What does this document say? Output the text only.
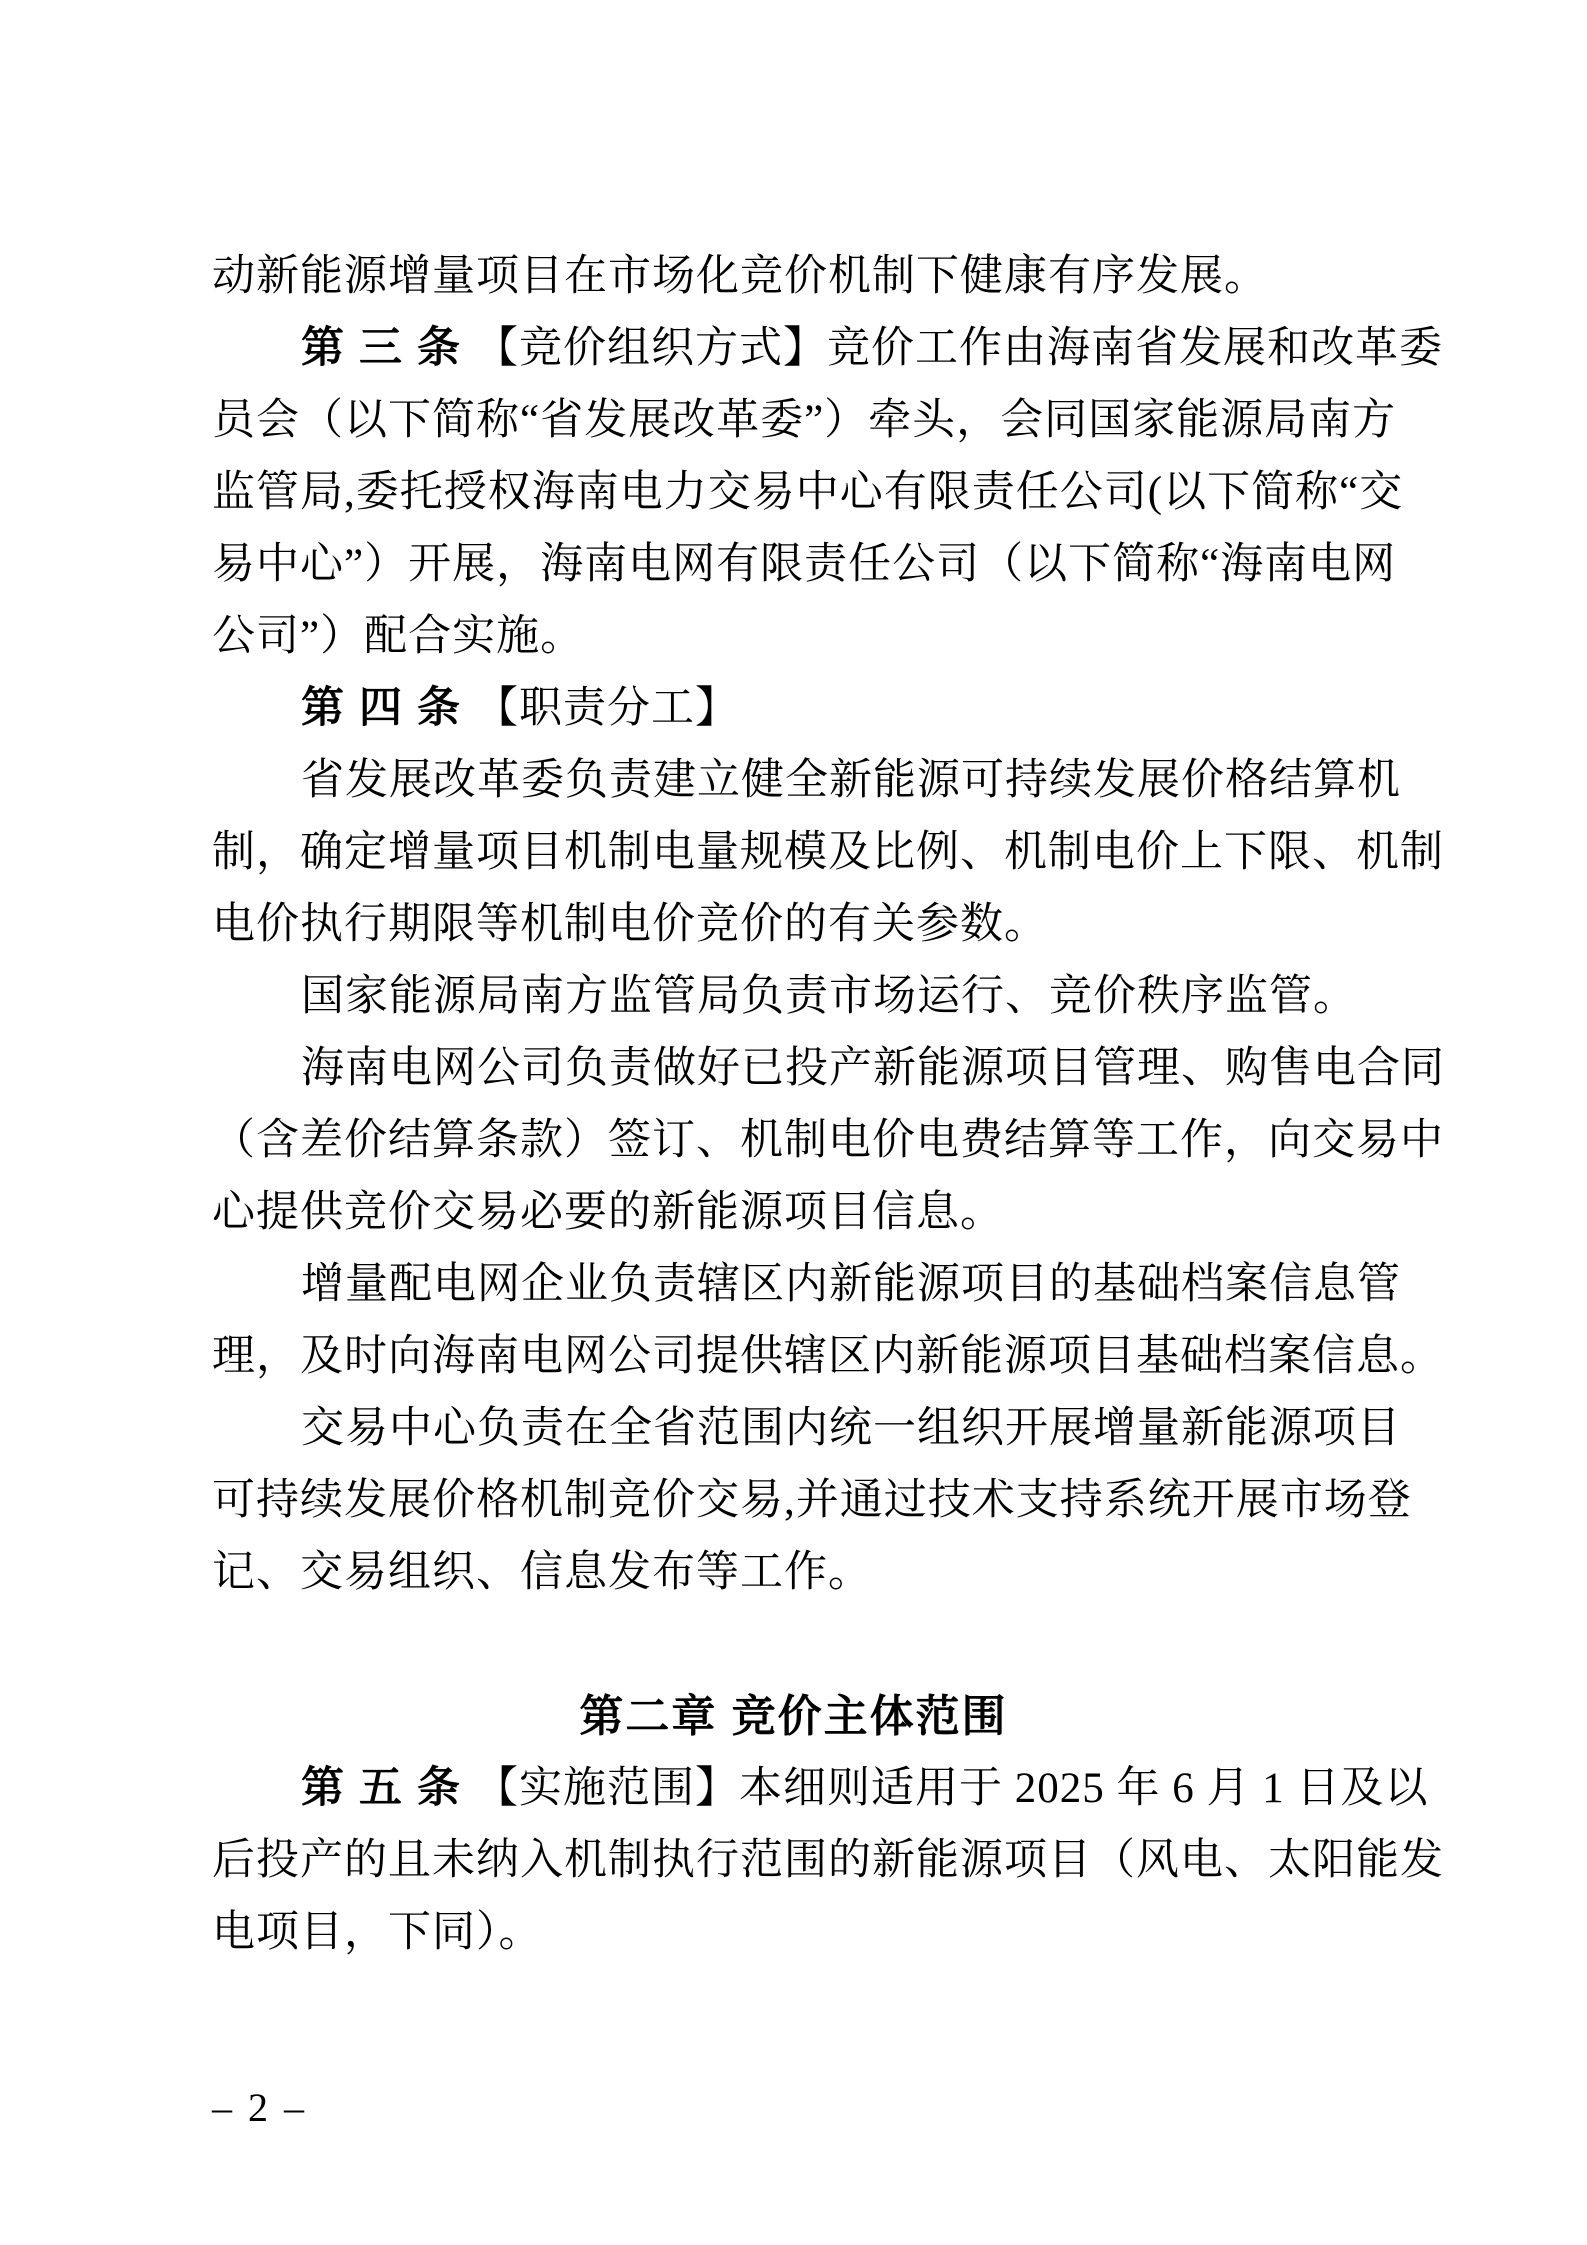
动新能源增量项目在市场化竞价机制下健康有序发展。
第三条【竞价组织方式】竞价工作由海南省发展和改革委
员会（以下简称“省发展改革委”）牵头，会同国家能源局南方
监管局,委托授权海南电力交易中心有限责任公司(以下简称“交
易中心”）开展，海南电网有限责任公司（以下简称“海南电网
公司”）配合实施。
第四条【职责分工】
省发展改革委负责建立健全新能源可持续发展价格结算机
制，确定增量项目机制电量规模及比例、机制电价上下限、机制
电价执行期限等机制电价竞价的有关参数。
国家能源局南方监管局负责市场运行、竞价秩序监管。
海南电网公司负责做好已投产新能源项目管理、购售电合同
（含差价结算条款）签订、机制电价电费结算等工作，向交易中
心提供竞价交易必要的新能源项目信息。
增量配电网企业负责辖区内新能源项目的基础档案信息管
理，及时向海南电网公司提供辖区内新能源项目基础档案信息。
交易中心负责在全省范围内统一组织开展增量新能源项目
可持续发展价格机制竞价交易,并通过技术支持系统开展市场登
记、交易组织、信息发布等工作。
第二章 竞价主体范围
第五条【实施范围】本细则适用于 2025 年 6 月 1 日及以
后投产的且未纳入机制执行范围的新能源项目（风电、太阳能发
电项目，下同）。
– 2 –
